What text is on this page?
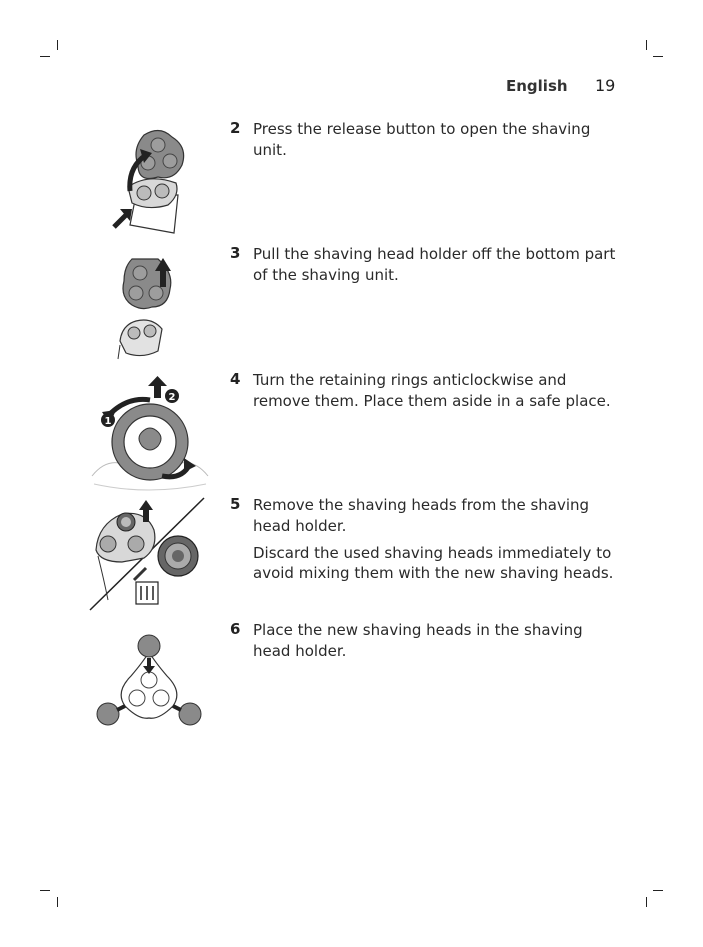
English 19
1
2
2 Press the release button to open the shaving unit.

3 Pull the shaving head holder off the bottom part of the shaving unit.

4 Turn the retaining rings anticlockwise and remove them. Place them aside in a safe place.

5 Remove the shaving heads from the shaving head holder.

Discard the used shaving heads immediately to avoid mixing them with the new shaving heads.

6 Place the new shaving heads in the shaving head holder.
